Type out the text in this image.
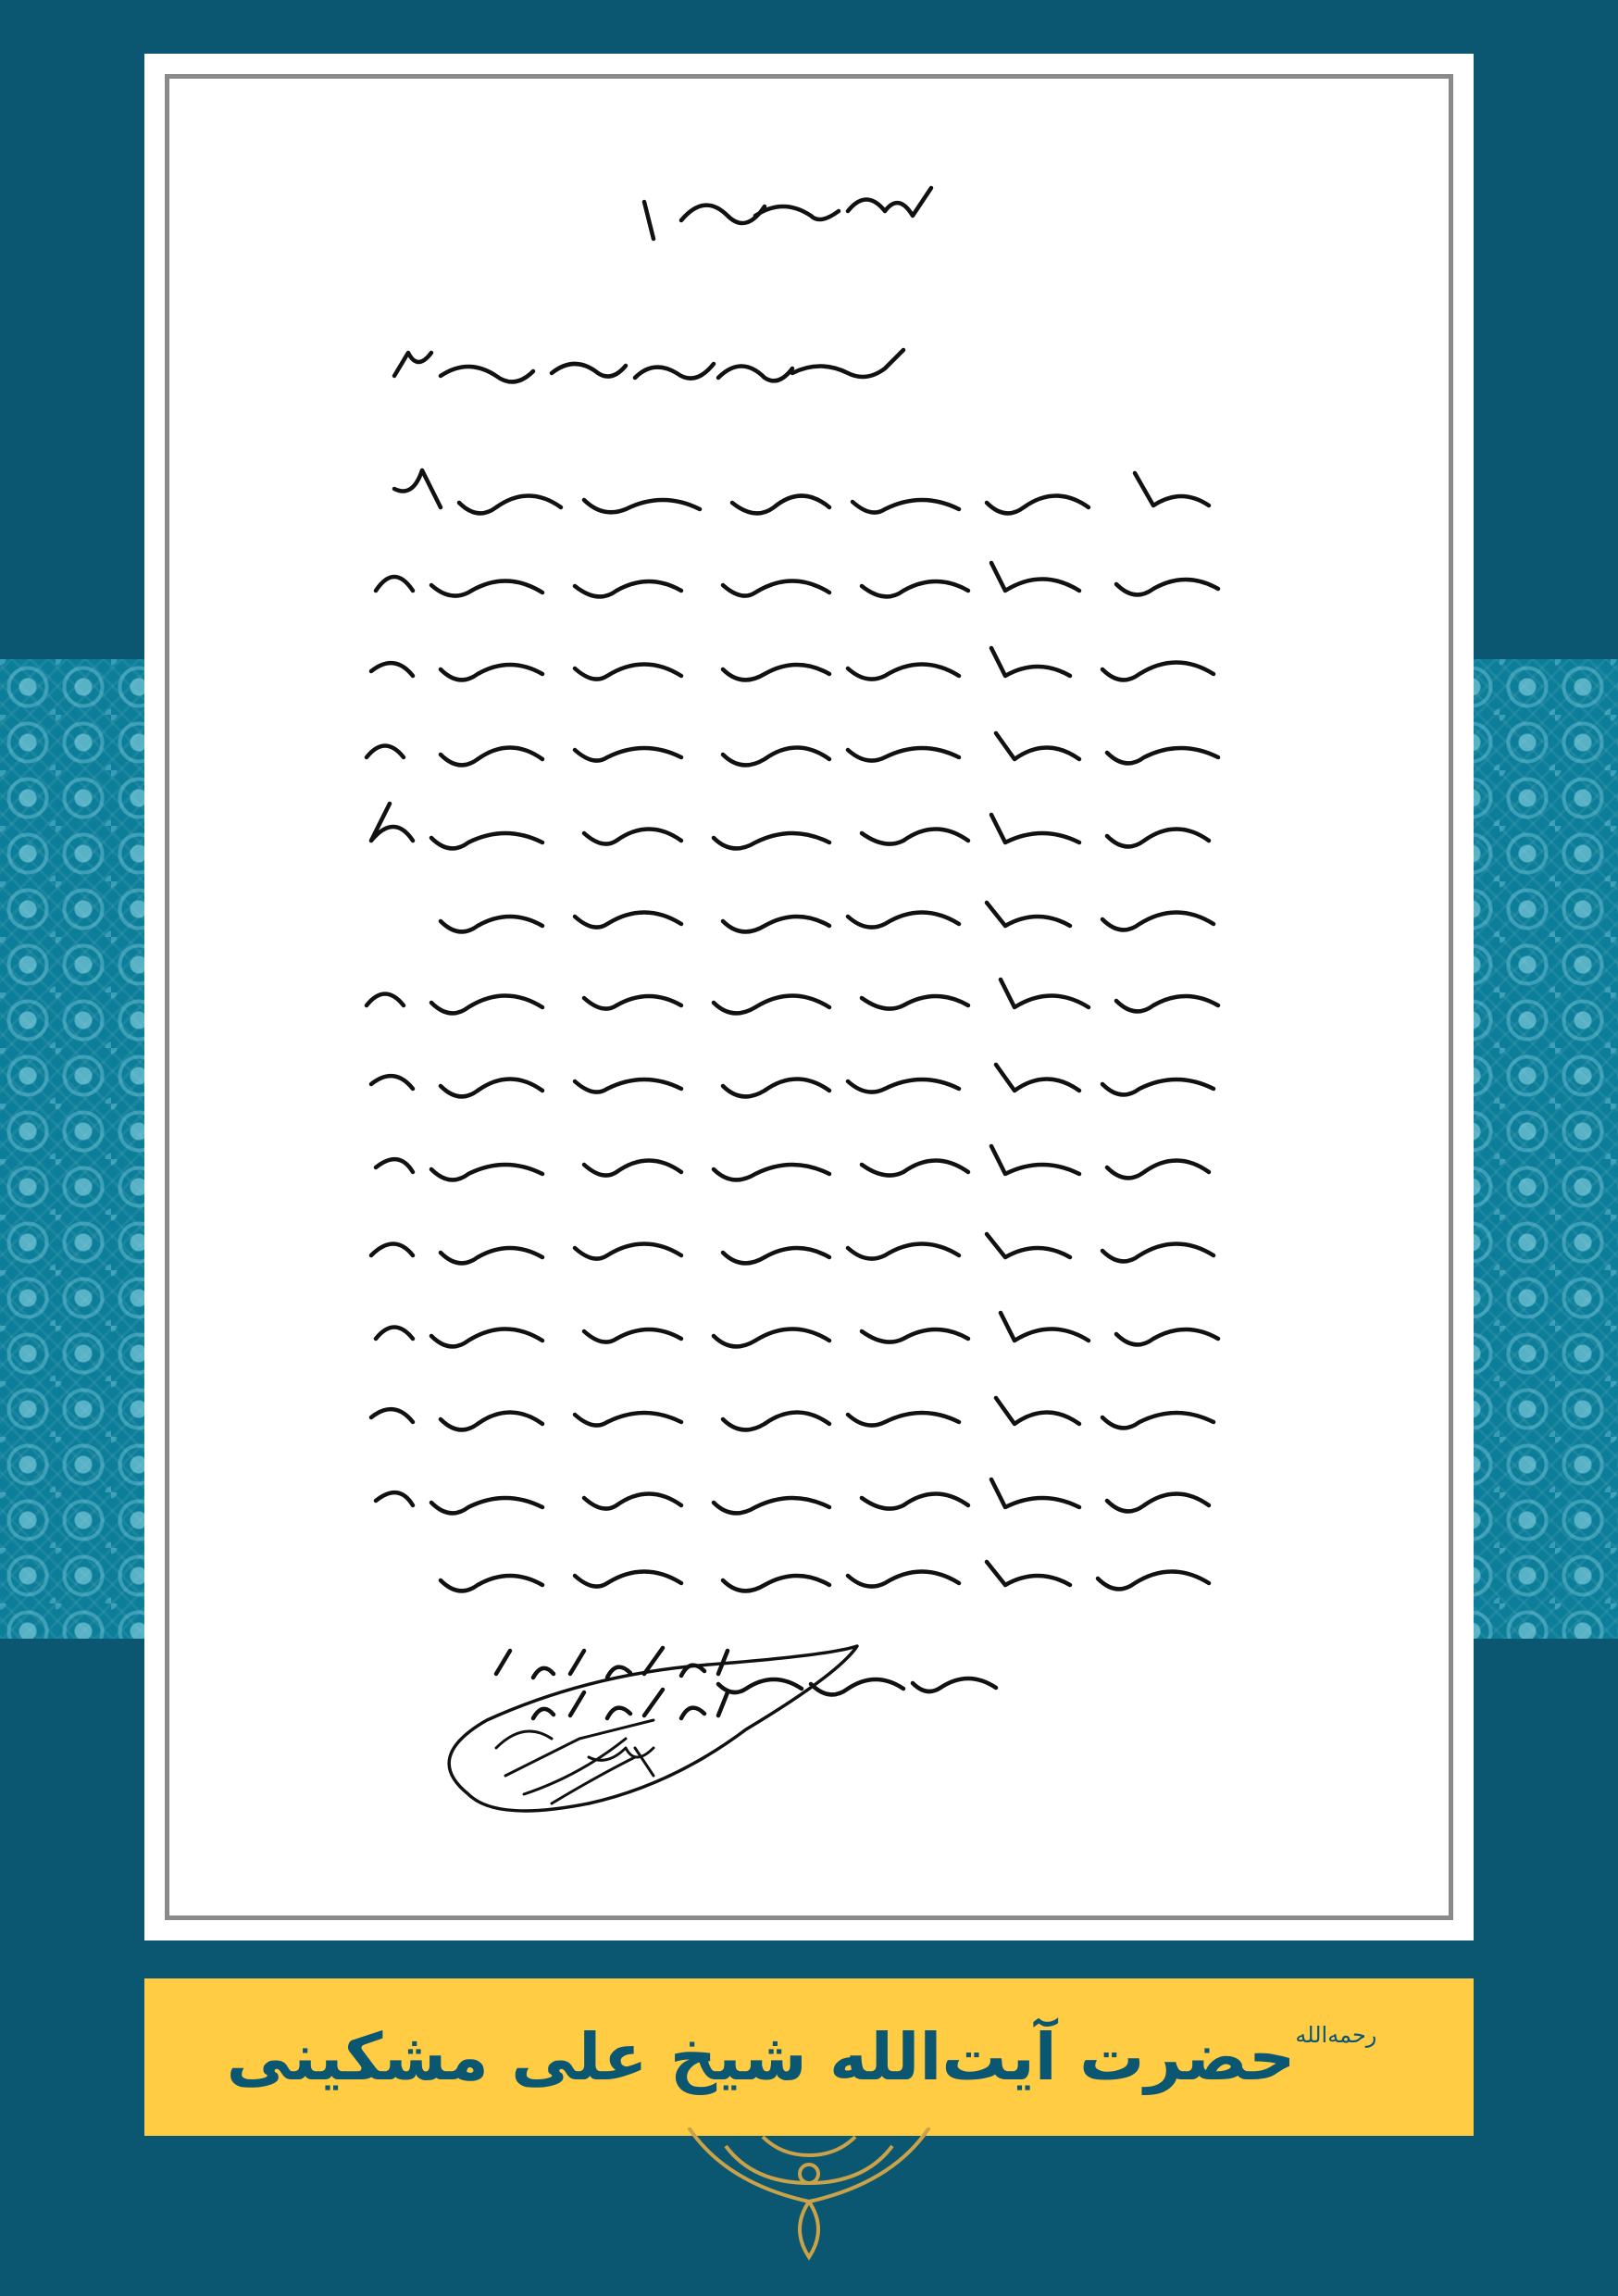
حضرت آیت‌الله شیخ علی مشکینی رحمه‌الله
